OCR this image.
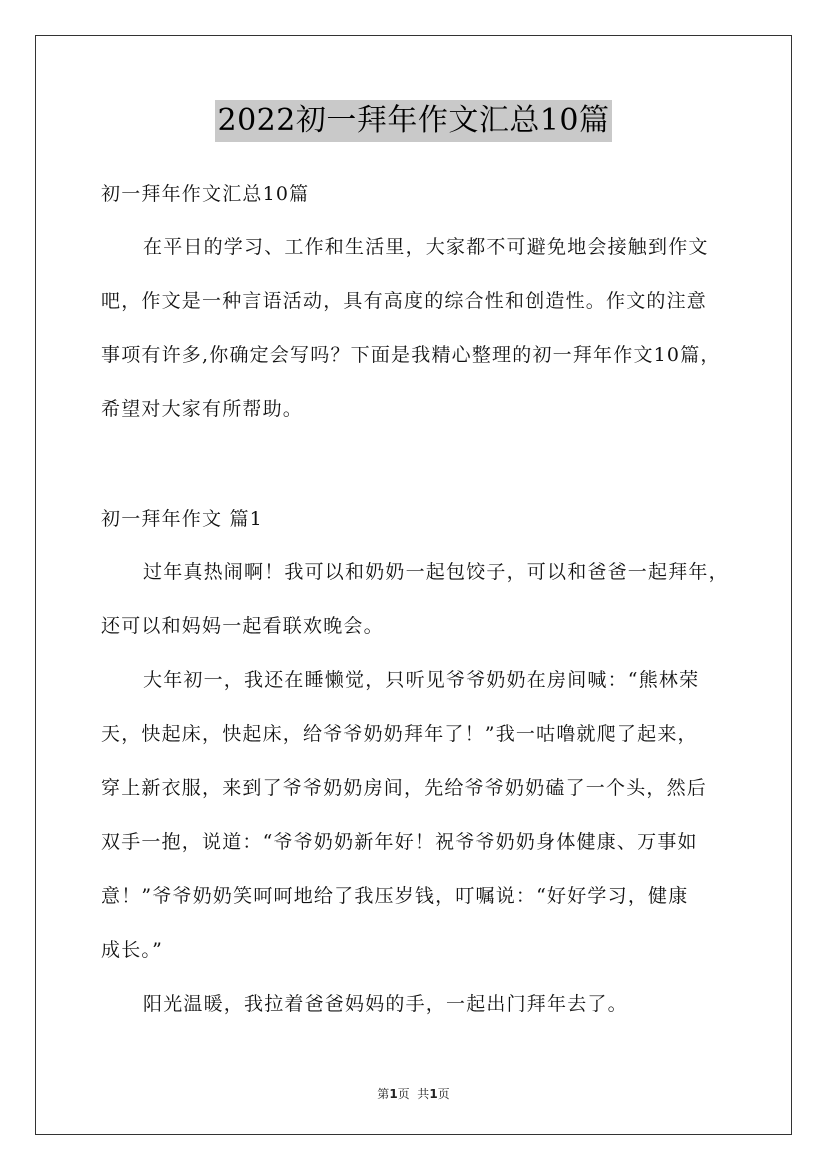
2022初一拜年作文汇总10篇
初一拜年作文汇总10篇
在平日的学习、工作和生活里，大家都不可避免地会接触到作文
吧，作文是一种言语活动，具有高度的综合性和创造性。作文的注意
事项有许多,你确定会写吗？下面是我精心整理的初一拜年作文10篇，
希望对大家有所帮助。
初一拜年作文 篇1
过年真热闹啊！我可以和奶奶一起包饺子，可以和爸爸一起拜年，
还可以和妈妈一起看联欢晚会。
大年初一，我还在睡懒觉，只听见爷爷奶奶在房间喊：“熊林荣
天，快起床，快起床，给爷爷奶奶拜年了！”我一咕噜就爬了起来，
穿上新衣服，来到了爷爷奶奶房间，先给爷爷奶奶磕了一个头，然后
双手一抱，说道：“爷爷奶奶新年好！祝爷爷奶奶身体健康、万事如
意！”爷爷奶奶笑呵呵地给了我压岁钱，叮嘱说：“好好学习，健康
成长。”
阳光温暖，我拉着爸爸妈妈的手，一起出门拜年去了。
第1页  共1页
